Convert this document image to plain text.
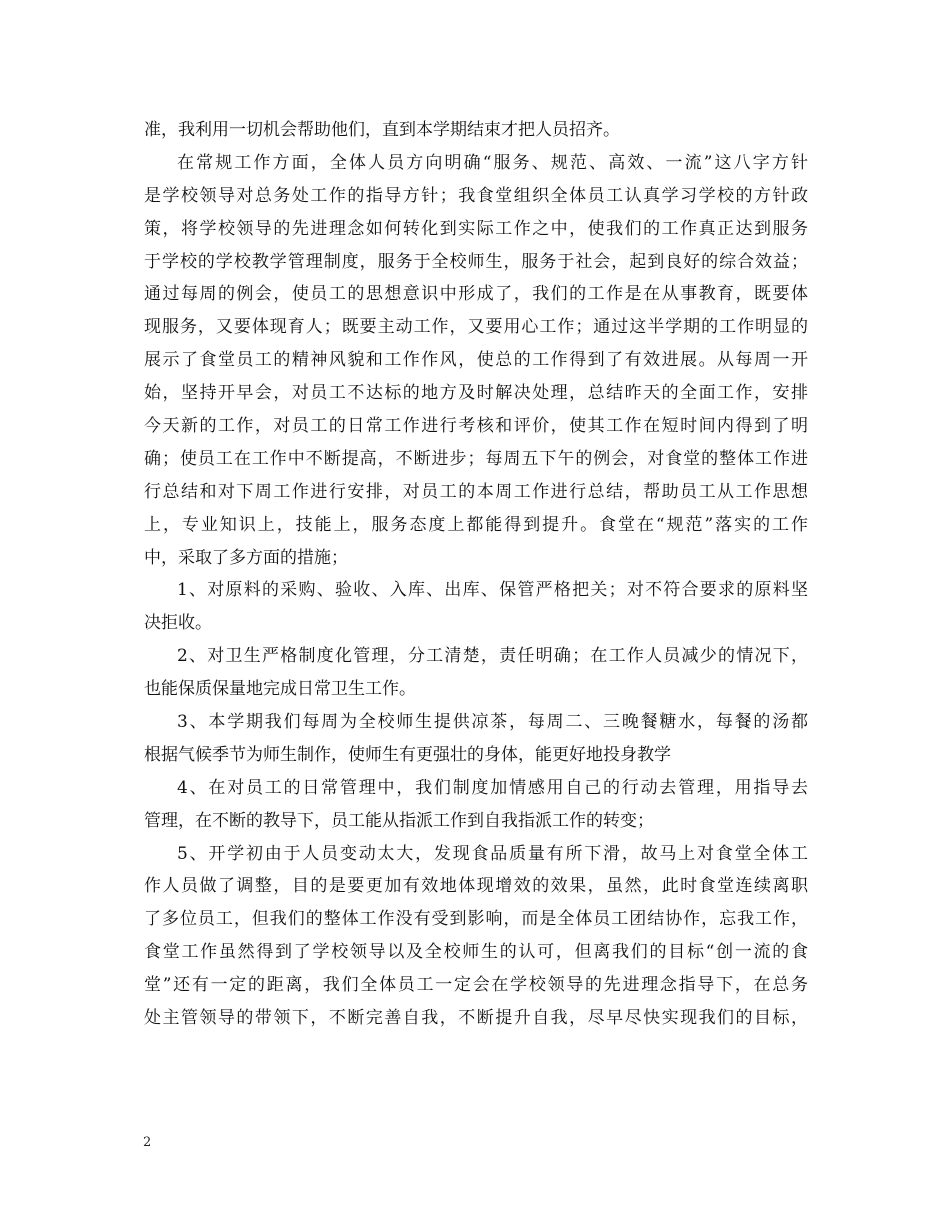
准，我利用一切机会帮助他们，直到本学期结束才把人员招齐。
在常规工作方面，全体人员方向明确“服务、规范、高效、一流”这八字方针
是学校领导对总务处工作的指导方针；我食堂组织全体员工认真学习学校的方针政
策，将学校领导的先进理念如何转化到实际工作之中，使我们的工作真正达到服务
于学校的学校教学管理制度，服务于全校师生，服务于社会，起到良好的综合效益；
通过每周的例会，使员工的思想意识中形成了，我们的工作是在从事教育，既要体
现服务，又要体现育人；既要主动工作，又要用心工作；通过这半学期的工作明显的
展示了食堂员工的精神风貌和工作作风，使总的工作得到了有效进展。从每周一开
始，坚持开早会，对员工不达标的地方及时解决处理，总结昨天的全面工作，安排
今天新的工作，对员工的日常工作进行考核和评价，使其工作在短时间内得到了明
确；使员工在工作中不断提高，不断进步；每周五下午的例会，对食堂的整体工作进
行总结和对下周工作进行安排，对员工的本周工作进行总结，帮助员工从工作思想
上，专业知识上，技能上，服务态度上都能得到提升。食堂在“规范”落实的工作
中，采取了多方面的措施；
1、对原料的采购、验收、入库、出库、保管严格把关；对不符合要求的原料坚
决拒收。
2、对卫生严格制度化管理，分工清楚，责任明确；在工作人员减少的情况下，
也能保质保量地完成日常卫生工作。
3、本学期我们每周为全校师生提供凉茶，每周二、三晚餐糖水，每餐的汤都
根据气候季节为师生制作，使师生有更强壮的身体，能更好地投身教学
4、在对员工的日常管理中，我们制度加情感用自己的行动去管理，用指导去
管理，在不断的教导下，员工能从指派工作到自我指派工作的转变；
5、开学初由于人员变动太大，发现食品质量有所下滑，故马上对食堂全体工
作人员做了调整，目的是要更加有效地体现增效的效果，虽然，此时食堂连续离职
了多位员工，但我们的整体工作没有受到影响，而是全体员工团结协作，忘我工作，
食堂工作虽然得到了学校领导以及全校师生的认可，但离我们的目标“创一流的食
堂”还有一定的距离，我们全体员工一定会在学校领导的先进理念指导下，在总务
处主管领导的带领下，不断完善自我，不断提升自我，尽早尽快实现我们的目标，
2
